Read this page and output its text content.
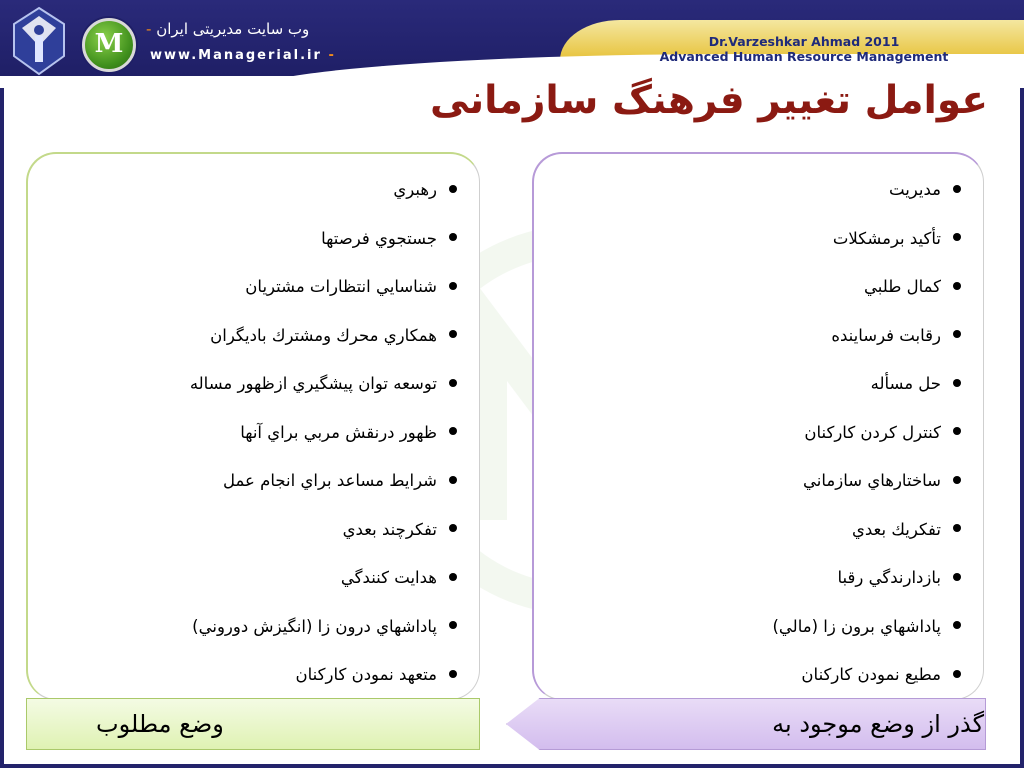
M	وب سایت مدیریتی ایران -
www.Managerial.ir -
Dr.Varzeshkar Ahmad 2011
Advanced Human Resource Management
عوامل تغيير فرهنگ سازمانی
مديريت
تأكيد برمشكلات
كمال طلبي
رقابت فرساينده
حل مسأله
كنترل كردن كاركنان
ساختارهاي سازماني
تفكريك بعدي
بازدارندگي رقبا
پاداشهاي برون زا (مالي)
مطيع نمودن كاركنان
رهبري
جستجوي فرصتها
شناسايي انتظارات مشتريان
همكاري محرك ومشترك باديگران
توسعه توان پيشگيري ازظهور مساله
ظهور درنقش مربي براي آنها
شرايط مساعد براي انجام عمل
تفكرچند بعدي
هدايت كنندگي
پاداشهاي درون زا (انگيزش دوروني)
متعهد نمودن كاركنان
گذر از وضع موجود به
وضع مطلوب
